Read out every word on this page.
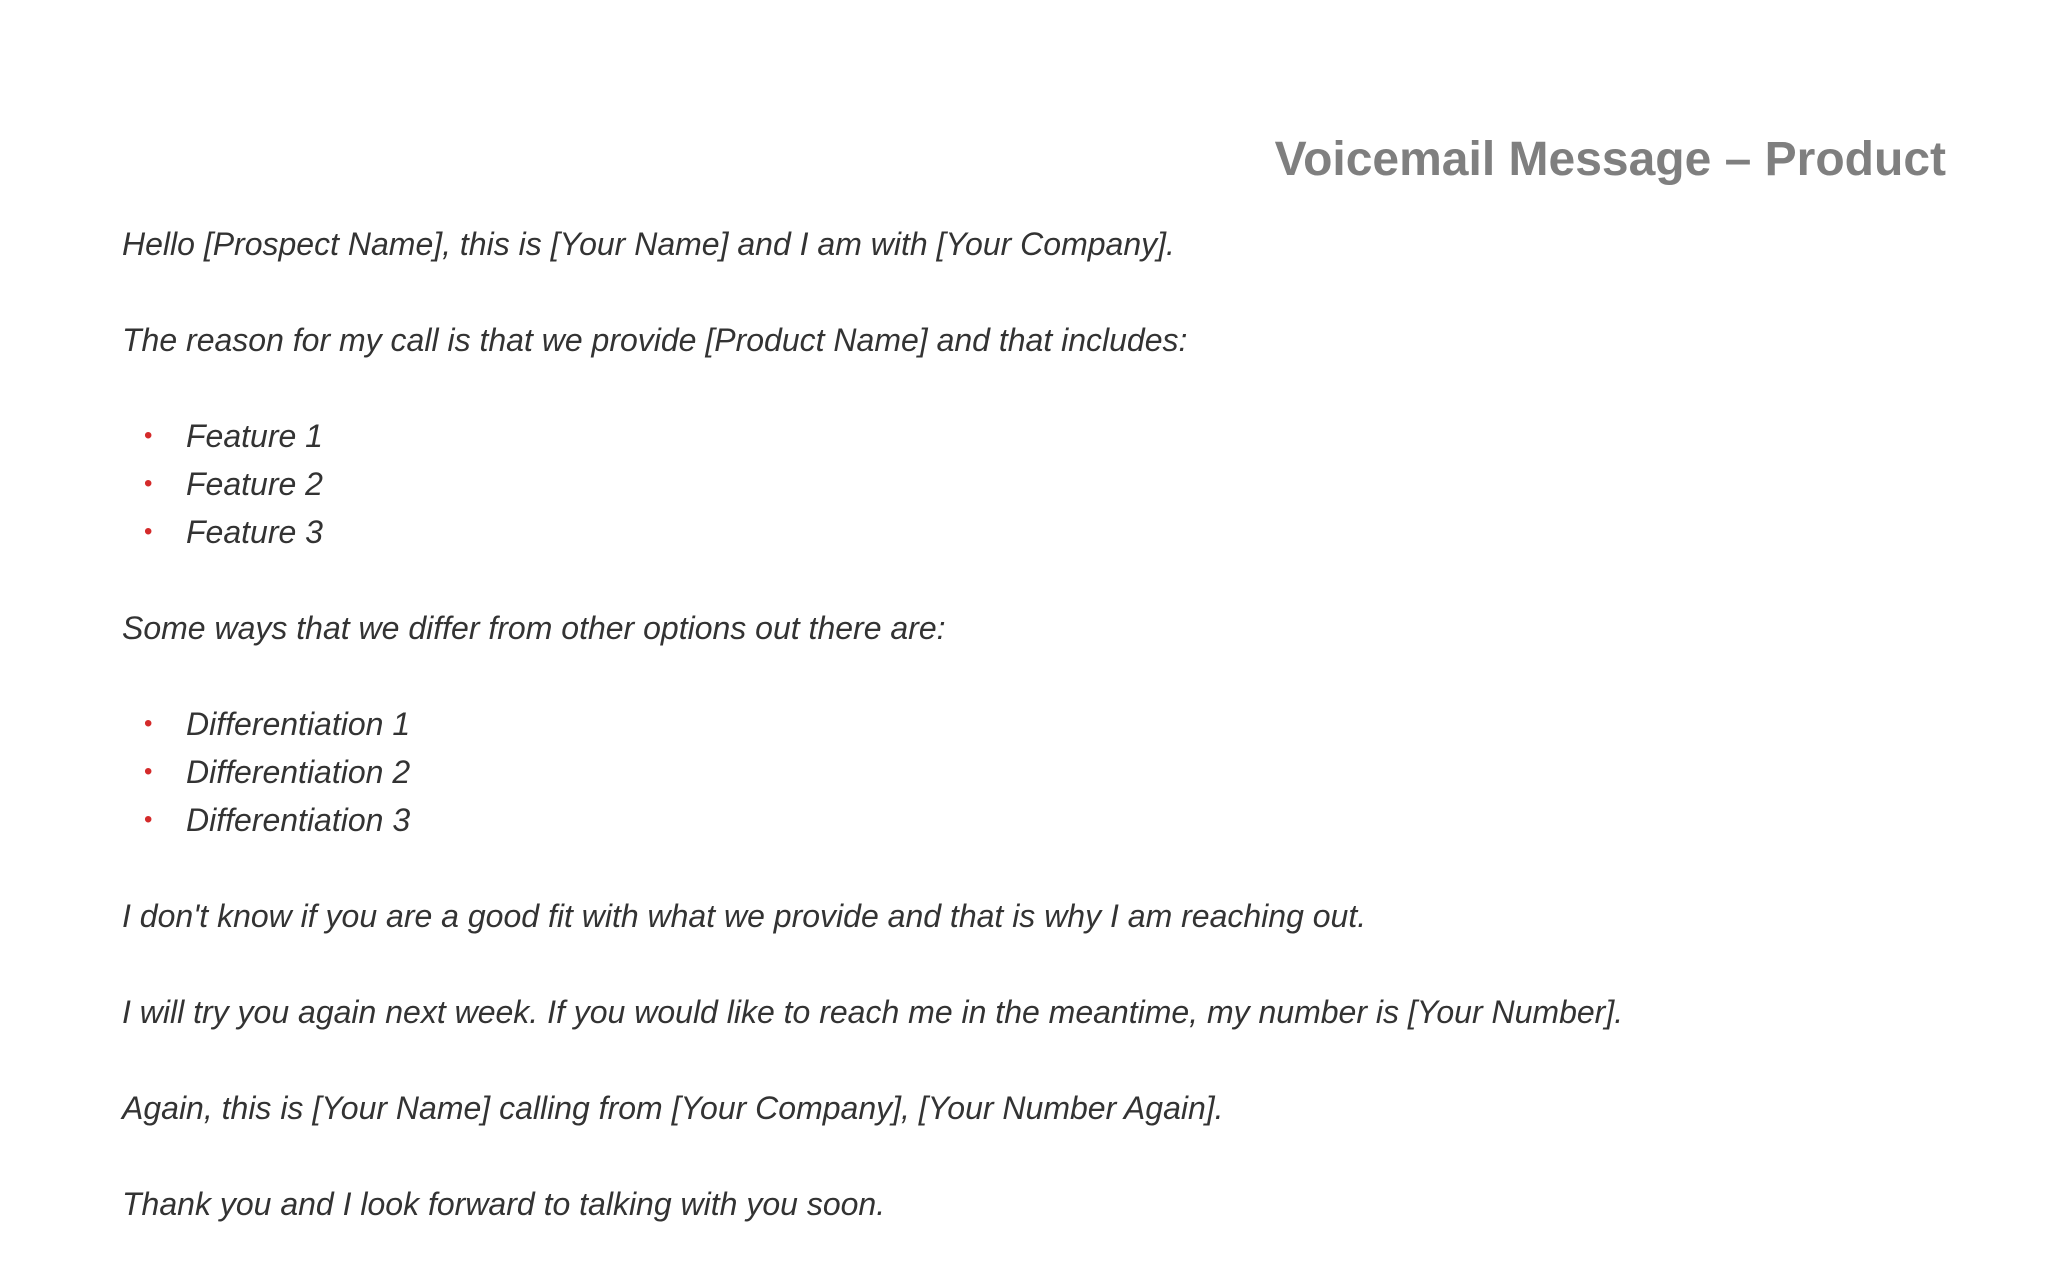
Voicemail Message – Product

Hello [Prospect Name], this is [Your Name] and I am with [Your Company].

The reason for my call is that we provide [Product Name] and that includes:

• Feature 1
• Feature 2
• Feature 3

Some ways that we differ from other options out there are:

• Differentiation 1
• Differentiation 2
• Differentiation 3

I don't know if you are a good fit with what we provide and that is why I am reaching out.

I will try you again next week. If you would like to reach me in the meantime, my number is [Your Number].

Again, this is [Your Name] calling from [Your Company], [Your Number Again].

Thank you and I look forward to talking with you soon.
